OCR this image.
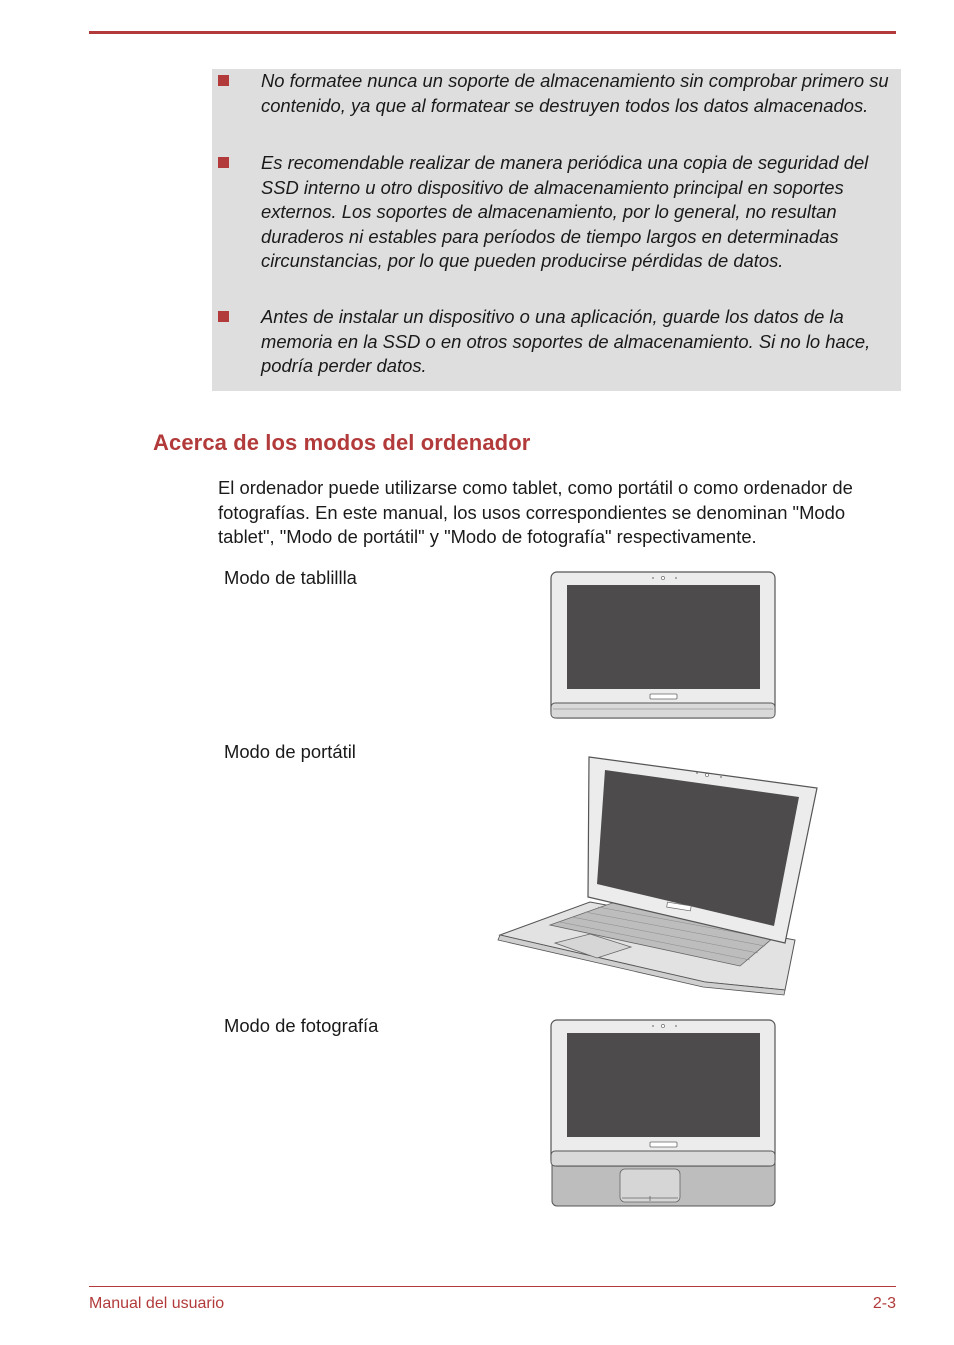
No formatee nunca un soporte de almacenamiento sin comprobar primero su contenido, ya que al formatear se destruyen todos los datos almacenados.

Es recomendable realizar de manera periódica una copia de seguridad del SSD interno u otro dispositivo de almacenamiento principal en soportes externos. Los soportes de almacenamiento, por lo general, no resultan duraderos ni estables para períodos de tiempo largos en determinadas circunstancias, por lo que pueden producirse pérdidas de datos.

Antes de instalar un dispositivo o una aplicación, guarde los datos de la memoria en la SSD o en otros soportes de almacenamiento. Si no lo hace, podría perder datos.

Acerca de los modos del ordenador

El ordenador puede utilizarse como tablet, como portátil o como ordenador de fotografías. En este manual, los usos correspondientes se denominan "Modo tablet", "Modo de portátil" y "Modo de fotografía" respectivamente.

Modo de tablillla
Modo de portátil
Modo de fotografía
Manual del usuario	2-3
